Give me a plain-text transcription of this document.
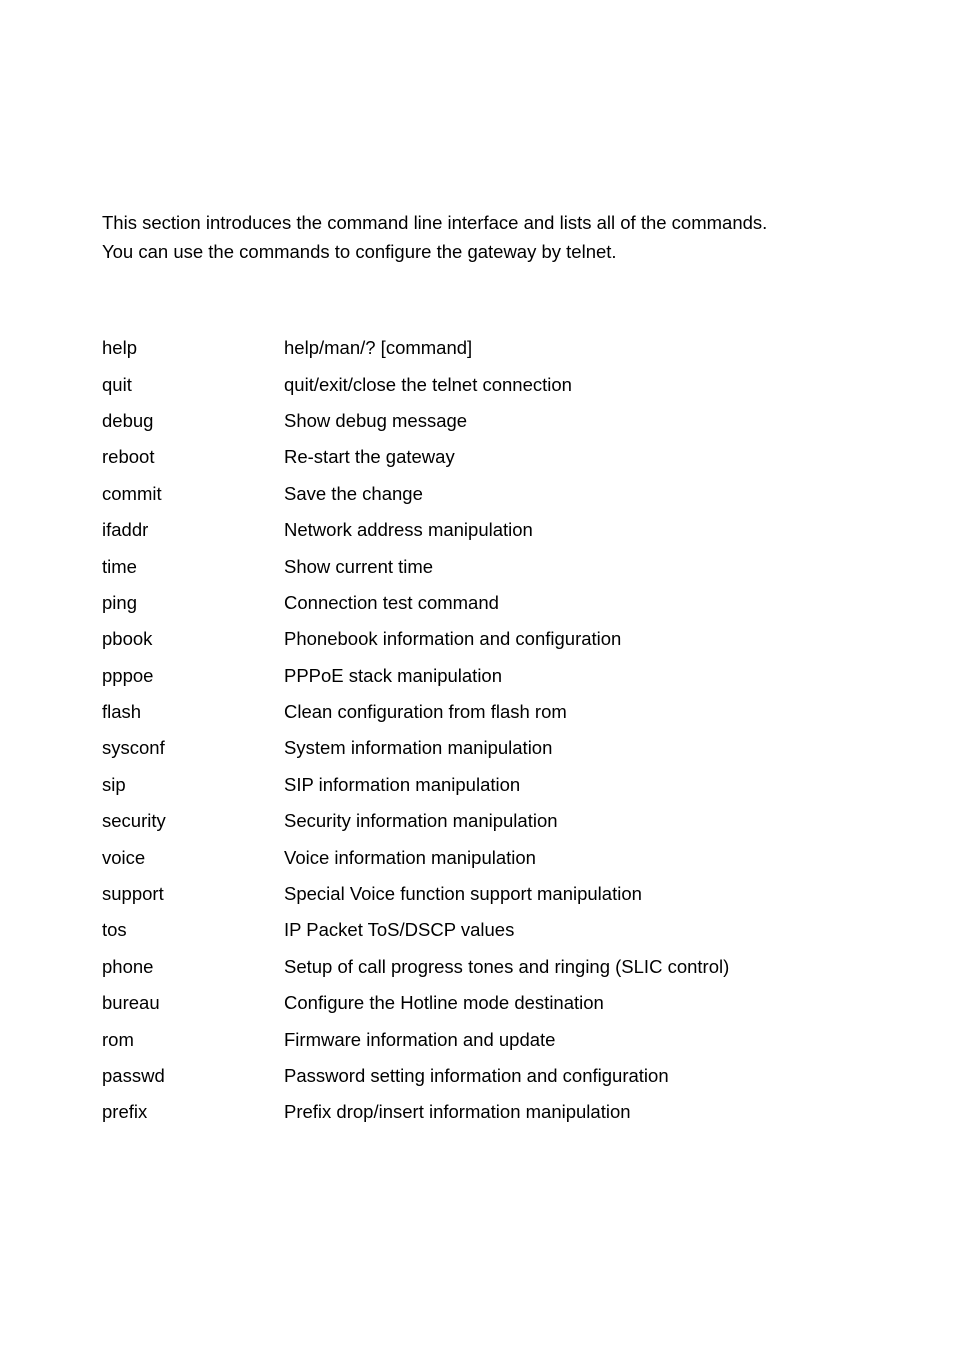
This section introduces the command line interface and lists all of the commands.

You can use the commands to configure the gateway by telnet.

help	help/man/? [command]
quit	quit/exit/close the telnet connection
debug	Show debug message
reboot	Re-start the gateway
commit	Save the change
ifaddr	Network address manipulation
time	Show current time
ping	Connection test command
pbook	Phonebook information and configuration
pppoe	PPPoE stack manipulation
flash	Clean configuration from flash rom
sysconf	System information manipulation
sip	SIP information manipulation
security	Security information manipulation
voice	Voice information manipulation
support	Special Voice function support manipulation
tos	IP Packet ToS/DSCP values
phone	Setup of call progress tones and ringing (SLIC control)
bureau	Configure the Hotline mode destination
rom	Firmware information and update
passwd	Password setting information and configuration
prefix	Prefix drop/insert information manipulation
